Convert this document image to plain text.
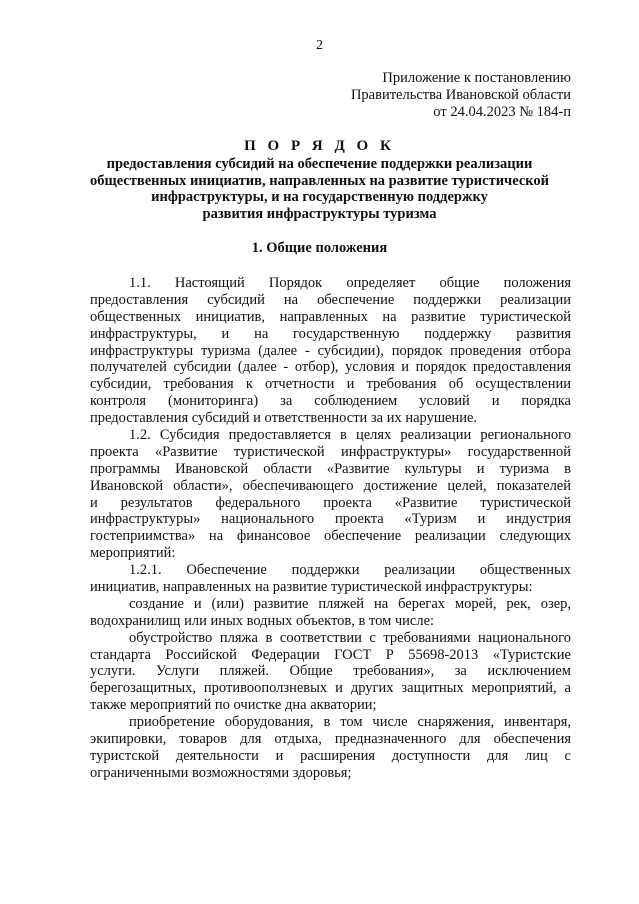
2
Приложение к постановлению
Правительства Ивановской области
от 24.04.2023 № 184-п
П О Р Я Д О К
предоставления субсидий на обеспечение поддержки реализации
общественных инициатив, направленных на развитие туристической
инфраструктуры, и на государственную поддержку
развития инфраструктуры туризма
1. Общие положения
1.1. Настоящий Порядок определяет общие положения
предоставления субсидий на обеспечение поддержки реализации
общественных инициатив, направленных на развитие туристической
инфраструктуры, и на государственную поддержку развития
инфраструктуры туризма (далее - субсидии), порядок проведения отбора
получателей субсидии (далее - отбор), условия и порядок предоставления
субсидии, требования к отчетности и требования об осуществлении
контроля (мониторинга) за соблюдением условий и порядка
предоставления субсидий и ответственности за их нарушение.
1.2. Субсидия предоставляется в целях реализации регионального
проекта «Развитие туристической инфраструктуры» государственной
программы Ивановской области «Развитие культуры и туризма в
Ивановской области», обеспечивающего достижение целей, показателей
и результатов федерального проекта «Развитие туристической
инфраструктуры» национального проекта «Туризм и индустрия
гостеприимства» на финансовое обеспечение реализации следующих
мероприятий:
1.2.1. Обеспечение поддержки реализации общественных
инициатив, направленных на развитие туристической инфраструктуры:
создание и (или) развитие пляжей на берегах морей, рек, озер,
водохранилищ или иных водных объектов, в том числе:
обустройство пляжа в соответствии с требованиями национального
стандарта Российской Федерации ГОСТ Р 55698-2013 «Туристские
услуги. Услуги пляжей. Общие требования», за исключением
берегозащитных, противооползневых и других защитных мероприятий, а
также мероприятий по очистке дна акватории;
приобретение оборудования, в том числе снаряжения, инвентаря,
экипировки, товаров для отдыха, предназначенного для обеспечения
туристской деятельности и расширения доступности для лиц с
ограниченными возможностями здоровья;
